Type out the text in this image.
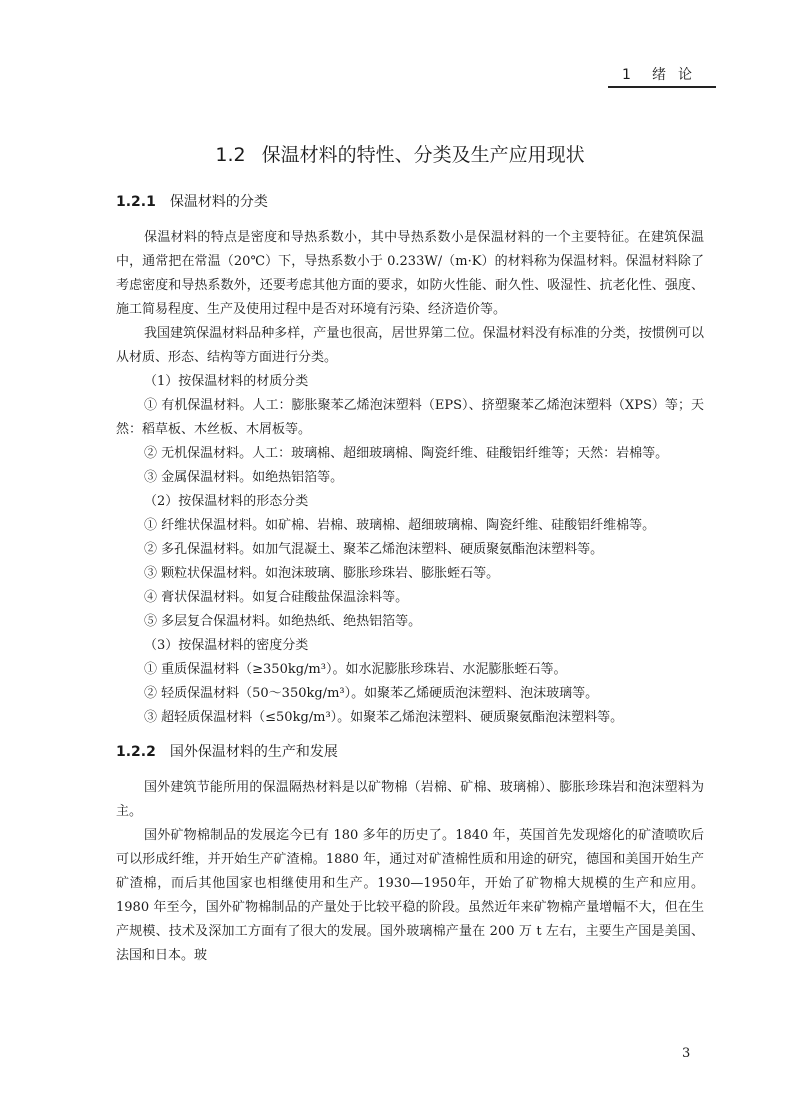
1 绪 论
1.2 保温材料的特性、分类及生产应用现状
1.2.1 保温材料的分类

保温材料的特点是密度和导热系数小，其中导热系数小是保温材料的一个主要特征。在建筑保温中，通常把在常温（20℃）下，导热系数小于 0.233W/（m·K）的材料称为保温材料。保温材料除了考虑密度和导热系数外，还要考虑其他方面的要求，如防火性能、耐久性、吸湿性、抗老化性、强度、施工简易程度、生产及使用过程中是否对环境有污染、经济造价等。

我国建筑保温材料品种多样，产量也很高，居世界第二位。保温材料没有标准的分类，按惯例可以从材质、形态、结构等方面进行分类。

（1）按保温材料的材质分类

① 有机保温材料。人工：膨胀聚苯乙烯泡沫塑料（EPS）、挤塑聚苯乙烯泡沫塑料（XPS）等；天然：稻草板、木丝板、木屑板等。

② 无机保温材料。人工：玻璃棉、超细玻璃棉、陶瓷纤维、硅酸铝纤维等；天然：岩棉等。

③ 金属保温材料。如绝热铝箔等。

（2）按保温材料的形态分类

① 纤维状保温材料。如矿棉、岩棉、玻璃棉、超细玻璃棉、陶瓷纤维、硅酸铝纤维棉等。

② 多孔保温材料。如加气混凝土、聚苯乙烯泡沫塑料、硬质聚氨酯泡沫塑料等。

③ 颗粒状保温材料。如泡沫玻璃、膨胀珍珠岩、膨胀蛭石等。

④ 膏状保温材料。如复合硅酸盐保温涂料等。

⑤ 多层复合保温材料。如绝热纸、绝热铝箔等。

（3）按保温材料的密度分类

① 重质保温材料（≥350kg/m³）。如水泥膨胀珍珠岩、水泥膨胀蛭石等。

② 轻质保温材料（50～350kg/m³）。如聚苯乙烯硬质泡沫塑料、泡沫玻璃等。

③ 超轻质保温材料（≤50kg/m³）。如聚苯乙烯泡沫塑料、硬质聚氨酯泡沫塑料等。

1.2.2 国外保温材料的生产和发展

国外建筑节能所用的保温隔热材料是以矿物棉（岩棉、矿棉、玻璃棉）、膨胀珍珠岩和泡沫塑料为主。

国外矿物棉制品的发展迄今已有 180 多年的历史了。1840 年，英国首先发现熔化的矿渣喷吹后可以形成纤维，并开始生产矿渣棉。1880 年，通过对矿渣棉性质和用途的研究，德国和美国开始生产矿渣棉，而后其他国家也相继使用和生产。1930—1950年，开始了矿物棉大规模的生产和应用。1980 年至今，国外矿物棉制品的产量处于比较平稳的阶段。虽然近年来矿物棉产量增幅不大，但在生产规模、技术及深加工方面有了很大的发展。国外玻璃棉产量在 200 万 t 左右，主要生产国是美国、法国和日本。玻

3
